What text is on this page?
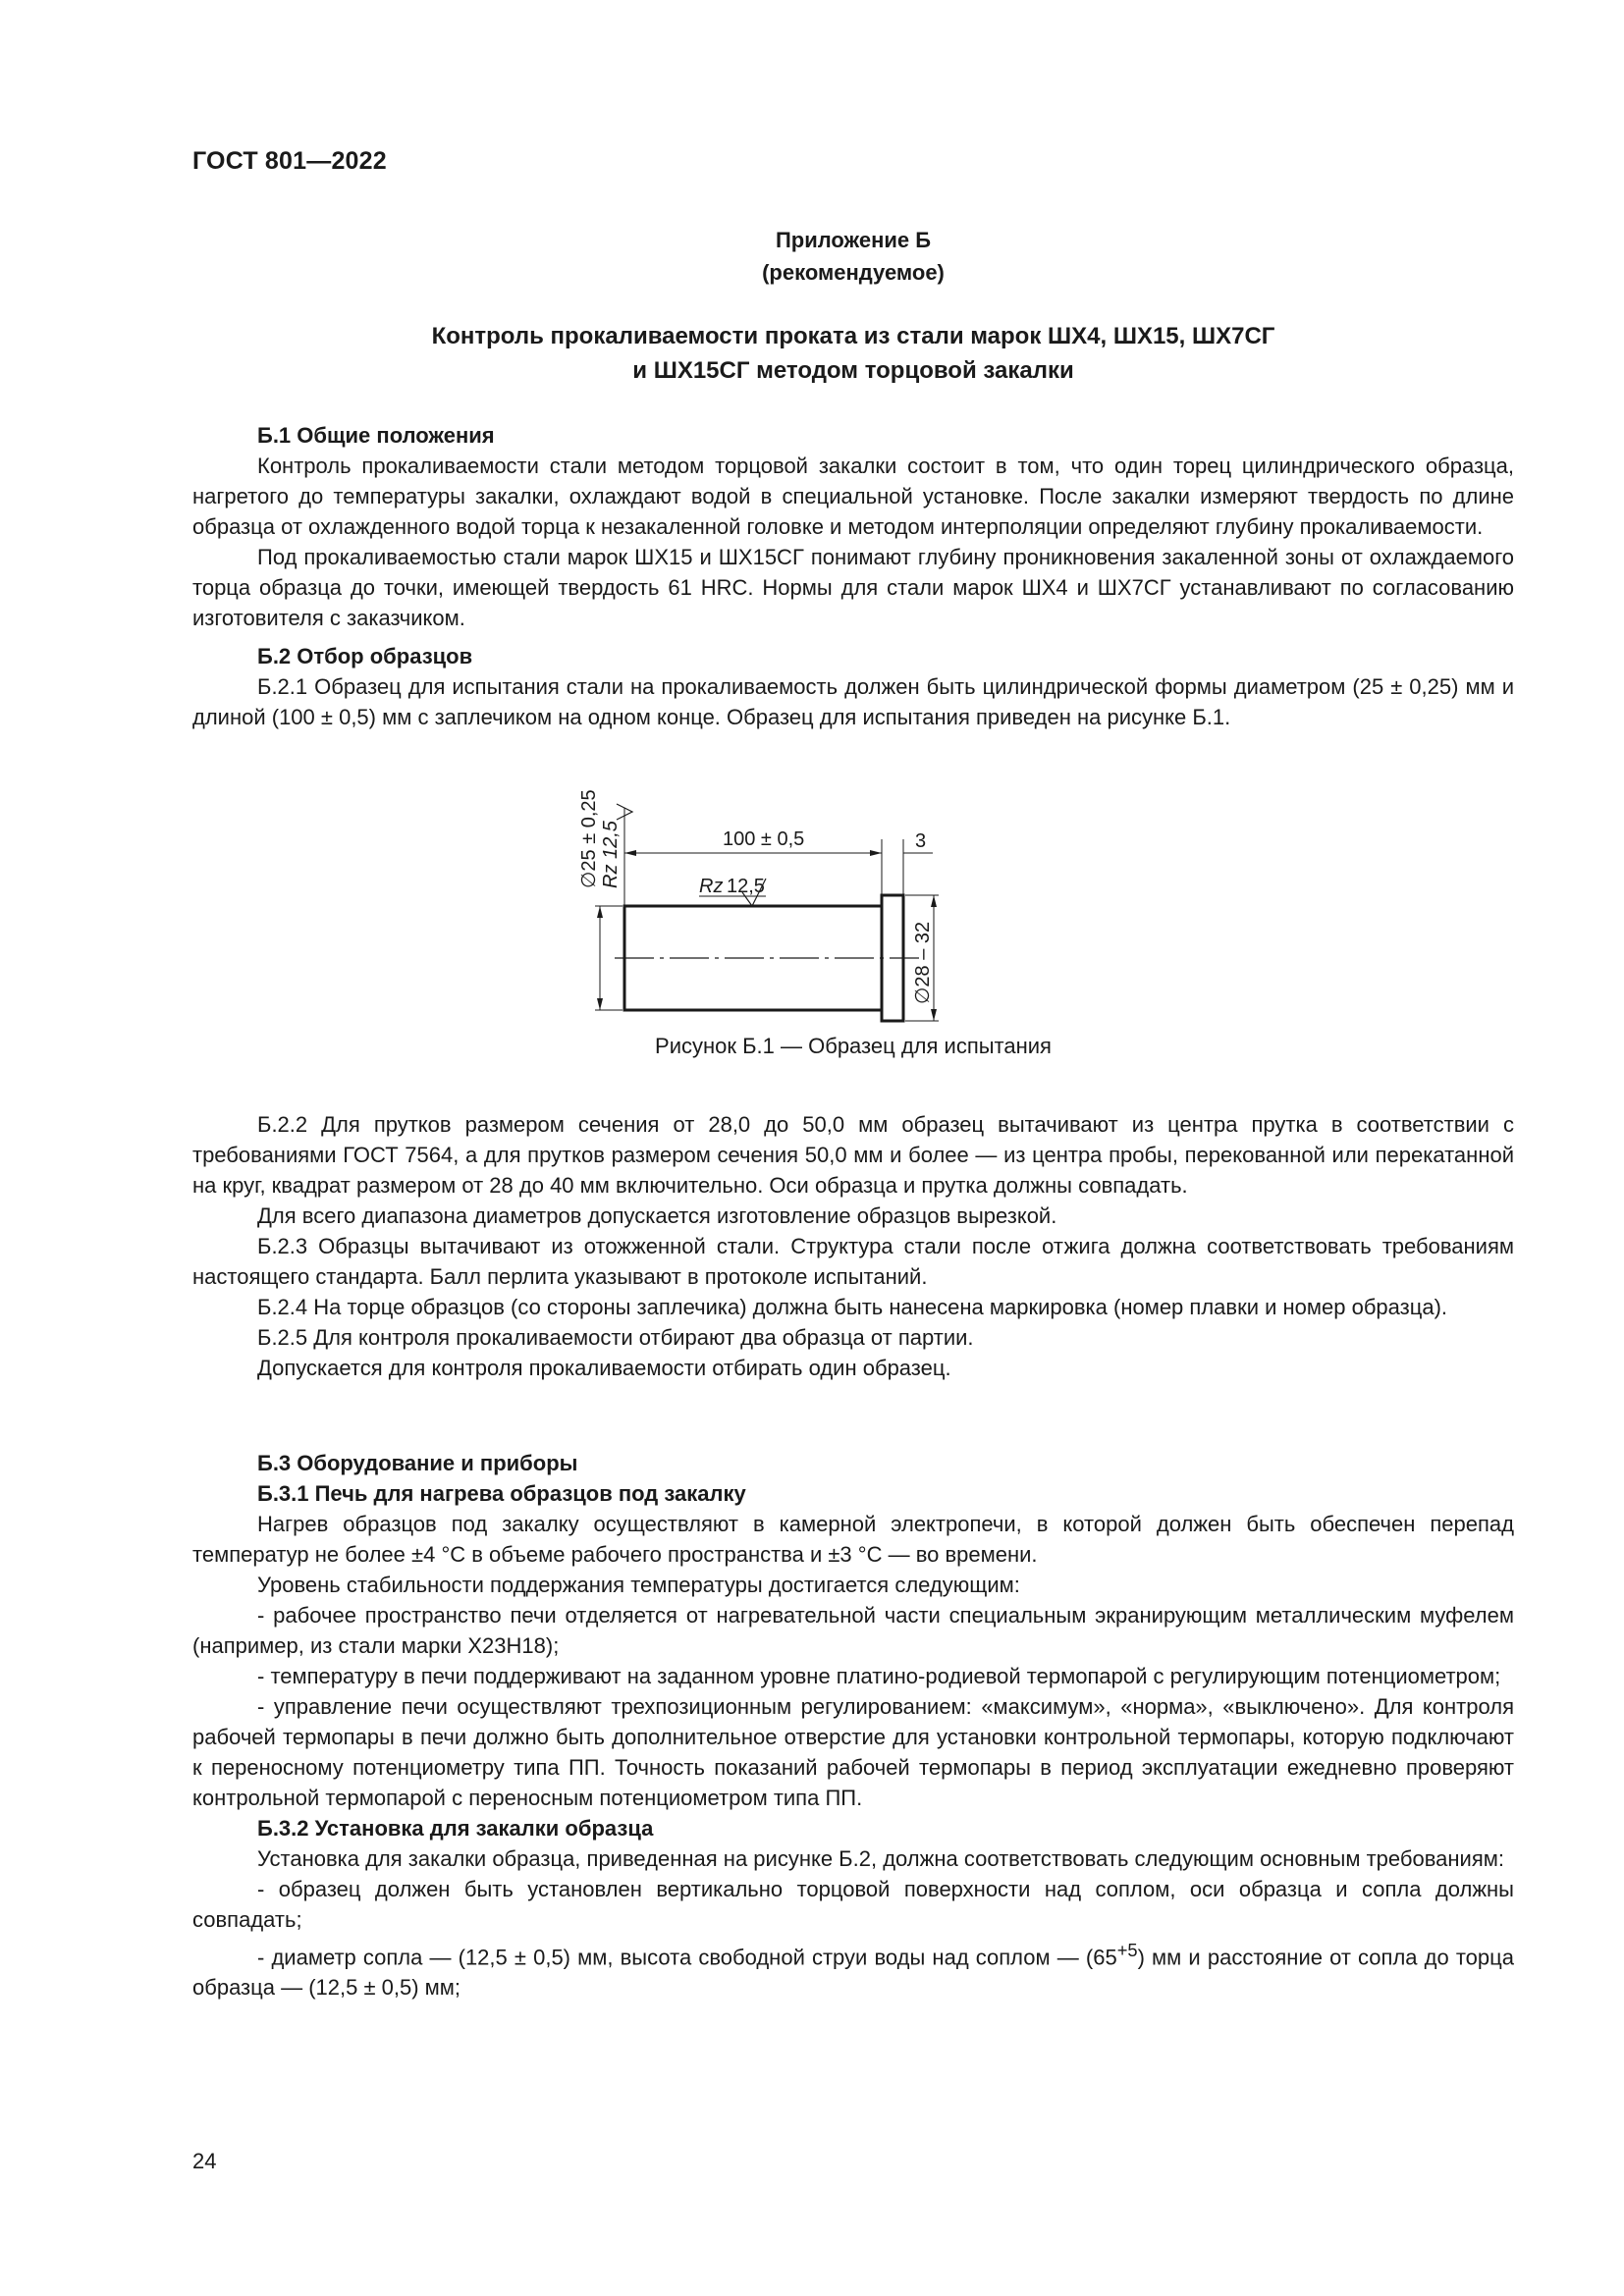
ГОСТ 801—2022
Приложение Б
(рекомендуемое)
Контроль прокаливаемости проката из стали марок ШХ4, ШХ15, ШХ7СГ
и ШХ15СГ методом торцовой закалки

Б.1 Общие положения

Контроль прокаливаемости стали методом торцовой закалки состоит в том, что один торец цилиндрического образца, нагретого до температуры закалки, охлаждают водой в специальной установке. После закалки измеряют твердость по длине образца от охлажденного водой торца к незакаленной головке и методом интерполяции определяют глубину прокаливаемости.

Под прокаливаемостью стали марок ШХ15 и ШХ15СГ понимают глубину проникновения закаленной зоны от охлаждаемого торца образца до точки, имеющей твердость 61 HRC. Нормы для стали марок ШХ4 и ШХ7СГ устанавливают по согласованию изготовителя с заказчиком.

Б.2 Отбор образцов

Б.2.1 Образец для испытания стали на прокаливаемость должен быть цилиндрической формы диаметром (25 ± 0,25) мм и длиной (100 ± 0,5) мм с заплечиком на одном конце. Образец для испытания приведен на рисунке Б.1.

∅25 ± 0,25 Rz 12,5	100 ± 0,5	3
Rz 12,5
∅28 – 32
Рисунок Б.1 — Образец для испытания

Б.2.2 Для прутков размером сечения от 28,0 до 50,0 мм образец вытачивают из центра прутка в соответствии с требованиями ГОСТ 7564, а для прутков размером сечения 50,0 мм и более — из центра пробы, перекованной или перекатанной на круг, квадрат размером от 28 до 40 мм включительно. Оси образца и прутка должны совпадать.

Для всего диапазона диаметров допускается изготовление образцов вырезкой.

Б.2.3 Образцы вытачивают из отожженной стали. Структура стали после отжига должна соответствовать требованиям настоящего стандарта. Балл перлита указывают в протоколе испытаний.

Б.2.4 На торце образцов (со стороны заплечика) должна быть нанесена маркировка (номер плавки и номер образца).

Б.2.5 Для контроля прокаливаемости отбирают два образца от партии.

Допускается для контроля прокаливаемости отбирать один образец.

Б.3 Оборудование и приборы

Б.3.1 Печь для нагрева образцов под закалку

Нагрев образцов под закалку осуществляют в камерной электропечи, в которой должен быть обеспечен перепад температур не более ±4 °С в объеме рабочего пространства и ±3 °С — во времени.

Уровень стабильности поддержания температуры достигается следующим:

- рабочее пространство печи отделяется от нагревательной части специальным экранирующим металлическим муфелем (например, из стали марки Х23Н18);

- температуру в печи поддерживают на заданном уровне платино-родиевой термопарой с регулирующим потенциометром;

- управление печи осуществляют трехпозиционным регулированием: «максимум», «норма», «выключено». Для контроля рабочей термопары в печи должно быть дополнительное отверстие для установки контрольной термопары, которую подключают к переносному потенциометру типа ПП. Точность показаний рабочей термопары в период эксплуатации ежедневно проверяют контрольной термопарой с переносным потенциометром типа ПП.

Б.3.2 Установка для закалки образца

Установка для закалки образца, приведенная на рисунке Б.2, должна соответствовать следующим основным требованиям:

- образец должен быть установлен вертикально торцовой поверхности над соплом, оси образца и сопла должны совпадать;

- диаметр сопла — (12,5 ± 0,5) мм, высота свободной струи воды над соплом — $(65^{+5})$ мм и расстояние от сопла до торца образца — (12,5 ± 0,5) мм;

24
